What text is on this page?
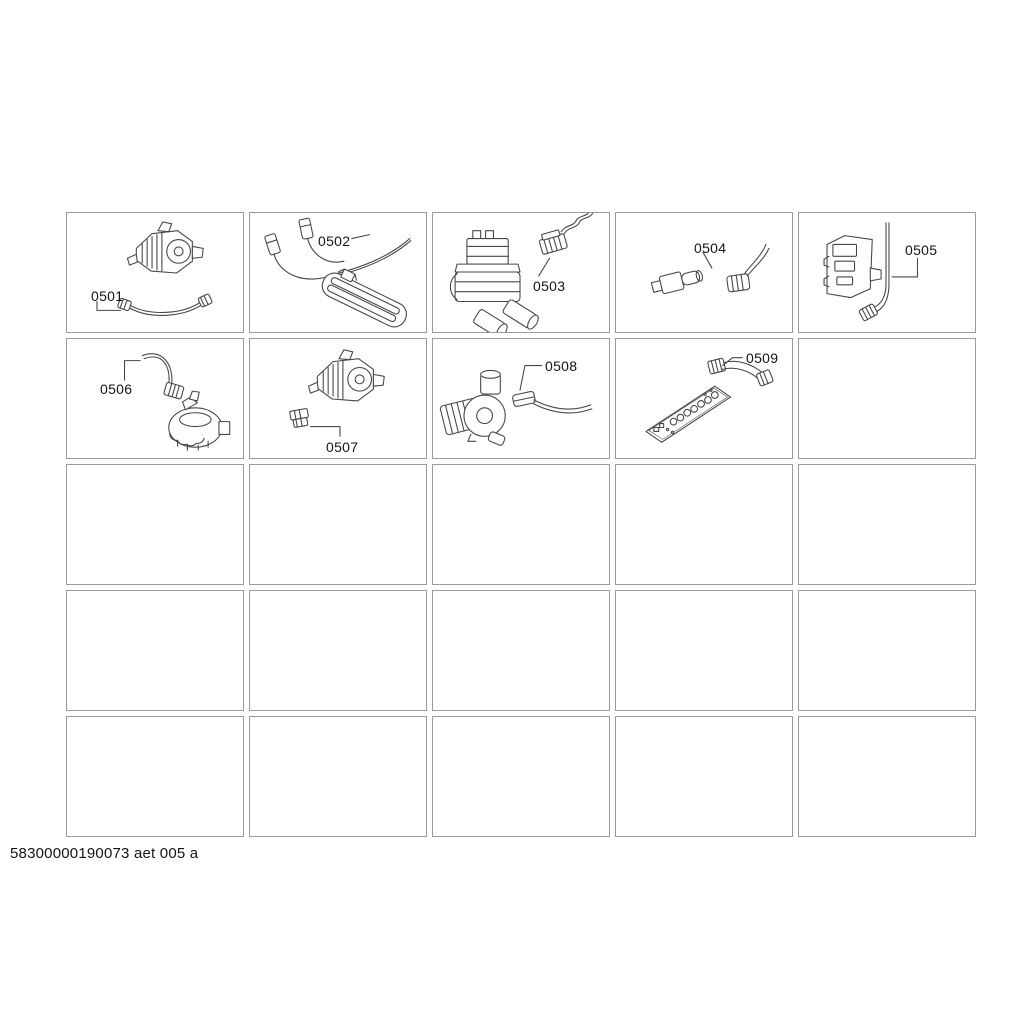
0501
0502
0503
0504	0505
0506
0507
0508	0509
58300000190073 aet 005 a
